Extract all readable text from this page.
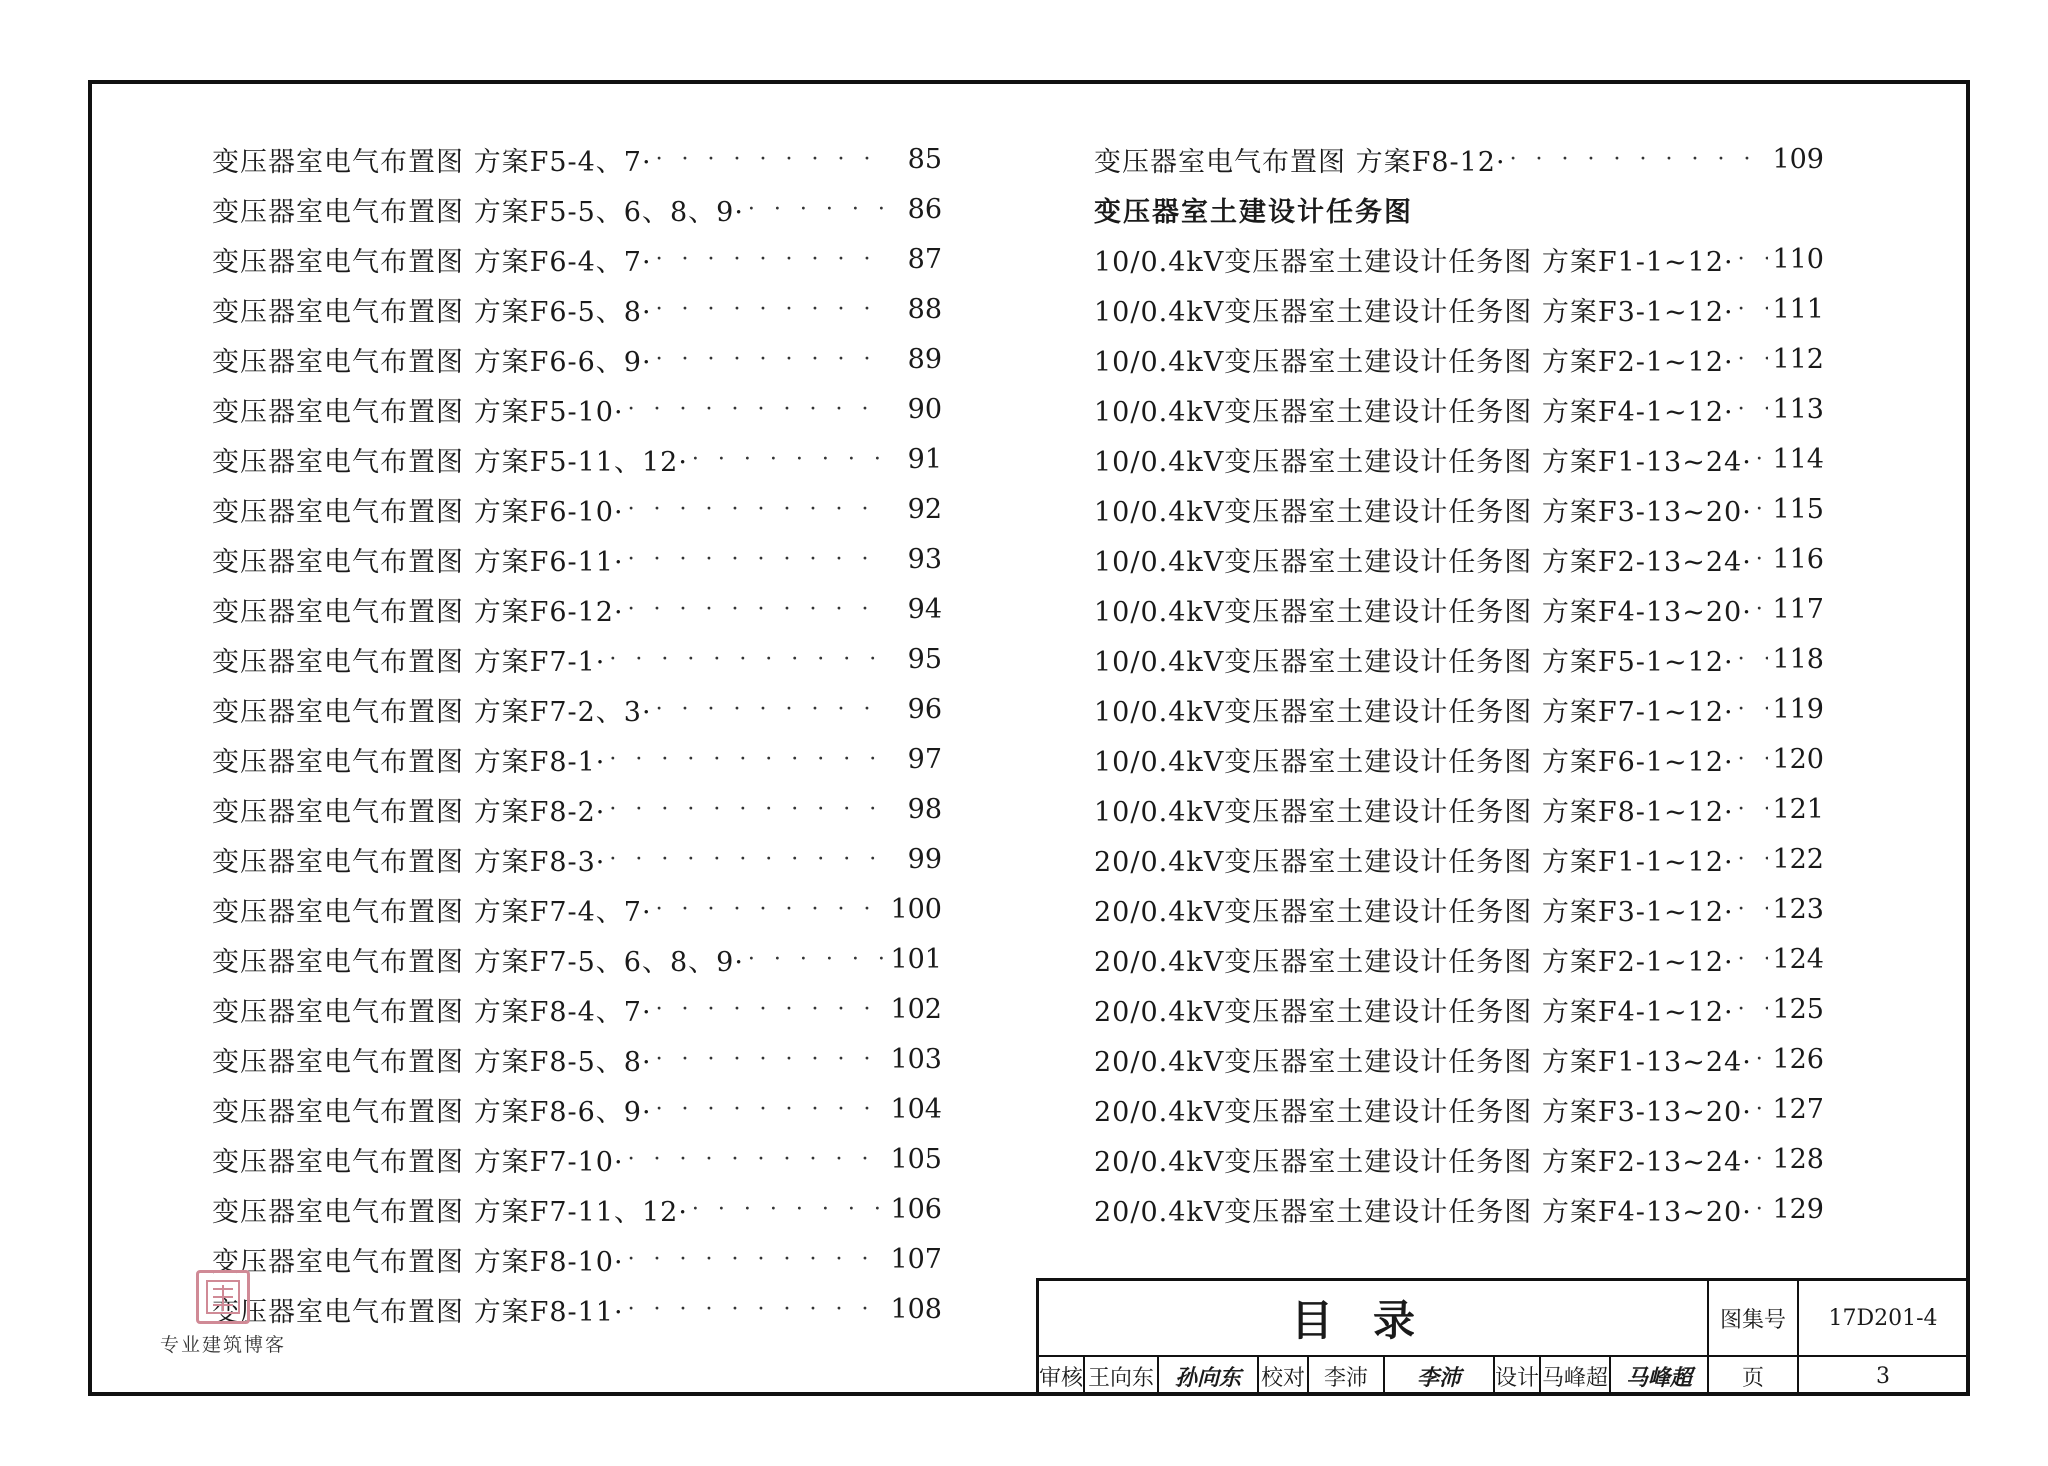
变压器室电气布置图 方案F5-4、7· · · ·	85
变压器室电气布置图 方案F5-5、6、8、9· · · ·	86
变压器室电气布置图 方案F6-4、7· · · ·	87
变压器室电气布置图 方案F6-5、8· · · ·	88
变压器室电气布置图 方案F6-6、9· · · ·	89
变压器室电气布置图 方案F5-10· · · ·	90
变压器室电气布置图 方案F5-11、12· · · ·	91
变压器室电气布置图 方案F6-10· · · ·	92
变压器室电气布置图 方案F6-11· · · ·	93
变压器室电气布置图 方案F6-12· · · ·	94
变压器室电气布置图 方案F7-1· · · ·	95
变压器室电气布置图 方案F7-2、3· · · ·	96
变压器室电气布置图 方案F8-1· · · ·	97
变压器室电气布置图 方案F8-2· · · ·	98
变压器室电气布置图 方案F8-3· · · ·	99
变压器室电气布置图 方案F7-4、7· · · ·	100
变压器室电气布置图 方案F7-5、6、8、9· · · ·	101
变压器室电气布置图 方案F8-4、7· · · ·	102
变压器室电气布置图 方案F8-5、8· · · ·	103
变压器室电气布置图 方案F8-6、9· · · ·	104
变压器室电气布置图 方案F7-10· · · ·	105
变压器室电气布置图 方案F7-11、12· · · ·	106
变压器室电气布置图 方案F8-10· · · ·	107
变压器室电气布置图 方案F8-11· · · ·	108
变压器室电气布置图 方案F8-12· · · ·	109
变压器室土建设计任务图
10/0.4kV变压器室土建设计任务图 方案F1-1~12· · · · 110
10/0.4kV变压器室土建设计任务图 方案F3-1~12· · · · 111
10/0.4kV变压器室土建设计任务图 方案F2-1~12· · · · 112
10/0.4kV变压器室土建设计任务图 方案F4-1~12· · · · 113
10/0.4kV变压器室土建设计任务图 方案F1-13~24· · · · 114
10/0.4kV变压器室土建设计任务图 方案F3-13~20· · · · 115
10/0.4kV变压器室土建设计任务图 方案F2-13~24· · · · 116
10/0.4kV变压器室土建设计任务图 方案F4-13~20· · · · 117
10/0.4kV变压器室土建设计任务图 方案F5-1~12· · · · 118
10/0.4kV变压器室土建设计任务图 方案F7-1~12· · · · 119
10/0.4kV变压器室土建设计任务图 方案F6-1~12· · · · 120
10/0.4kV变压器室土建设计任务图 方案F8-1~12· · · · 121
20/0.4kV变压器室土建设计任务图 方案F1-1~12· · · · 122
20/0.4kV变压器室土建设计任务图 方案F3-1~12· · · · 123
20/0.4kV变压器室土建设计任务图 方案F2-1~12· · · · 124
20/0.4kV变压器室土建设计任务图 方案F4-1~12· · · · 125
20/0.4kV变压器室土建设计任务图 方案F1-13~24· · · · 126
20/0.4kV变压器室土建设计任务图 方案F3-13~20· · · · 127
20/0.4kV变压器室土建设计任务图 方案F2-13~24· · · · 128
20/0.4kV变压器室土建设计任务图 方案F4-13~20· · · · 129
目录	图集号	17D201-4
审核 王向东 孙向东 校对 李沛	李沛	设计 马峰超 马峰超	页	3
专业建筑博客
